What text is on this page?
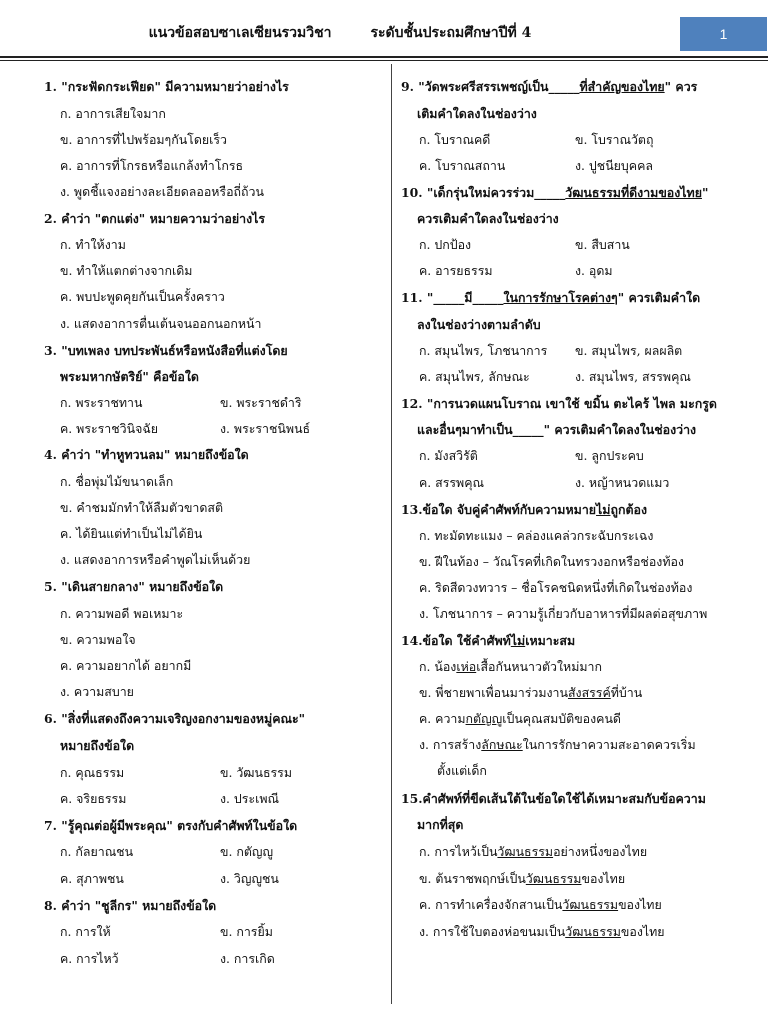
แนวข้อสอบซาเลเซียนรวมวิชา        ระดับชั้นประถมศึกษาปีที่ 4	1
1. "กระฟัดกระเฟียด" มีความหมายว่าอย่างไร
ก. อาการเสียใจมาก
ข. อาการที่ไปพร้อมๆกันโดยเร็ว
ค. อาการที่โกรธหรือแกล้งทำโกรธ
ง. พูดชี้แจงอย่างละเอียดลออหรือถี่ถ้วน
2. คำว่า "ตกแต่ง" หมายความว่าอย่างไร
ก. ทำให้งาม
ข. ทำให้แตกต่างจากเดิม
ค. พบปะพูดคุยกันเป็นครั้งคราว
ง. แสดงอาการตื่นเต้นจนออกนอกหน้า
3. "บทเพลง บทประพันธ์หรือหนังสือที่แต่งโดย
พระมหากษัตริย์" คือข้อใด
ก. พระราชทาน	ข. พระราชดำริ
ค. พระราชวินิจฉัย	ง. พระราชนิพนธ์
4. คำว่า "ทำหูทวนลม" หมายถึงข้อใด
ก. ชื่อพุ่มไม้ขนาดเล็ก
ข. คำชมมักทำให้ลืมตัวขาดสติ
ค. ได้ยินแต่ทำเป็นไม่ได้ยิน
ง. แสดงอาการหรือคำพูดไม่เห็นด้วย
5. "เดินสายกลาง" หมายถึงข้อใด
ก. ความพอดี พอเหมาะ
ข. ความพอใจ
ค. ความอยากได้ อยากมี
ง. ความสบาย
6. "สิ่งที่แสดงถึงความเจริญงอกงามของหมู่คณะ"
หมายถึงข้อใด
ก. คุณธรรม	ข. วัฒนธรรม
ค. จริยธรรม	ง. ประเพณี
7. "รู้คุณต่อผู้มีพระคุณ" ตรงกับคำศัพท์ในข้อใด
ก. กัลยาณชน	ข. กตัญญู
ค. สุภาพชน	ง. วิญญูชน
8. คำว่า "ชูลีกร" หมายถึงข้อใด
ก. การให้	ข. การยิ้ม
ค. การไหว้	ง. การเกิด
9. "วัดพระศรีสรรเพชญ์เป็น_____ที่สำคัญของไทย" ควร
เติมคำใดลงในช่องว่าง
ก. โบราณคดี	ข. โบราณวัตถุ
ค. โบราณสถาน	ง. ปูชนียบุคคล
10. "เด็กรุ่นใหม่ควรร่วม_____วัฒนธรรมที่ดีงามของไทย"
ควรเติมคำใดลงในช่องว่าง
ก. ปกป้อง	ข. สืบสาน
ค. อารยธรรม	ง. อุดม
11. "_____มี_____ในการรักษาโรคต่างๆ" ควรเติมคำใด
ลงในช่องว่างตามลำดับ
ก. สมุนไพร, โภชนาการ ข. สมุนไพร, ผลผลิต
ค. สมุนไพร, ลักษณะ	ง. สมุนไพร, สรรพคุณ
12. "การนวดแผนโบราณ เขาใช้ ขมิ้น ตะไคร้ ไพล มะกรูด
และอื่นๆมาทำเป็น_____" ควรเติมคำใดลงในช่องว่าง
ก. มังสวิรัติ	ข. ลูกประคบ
ค. สรรพคุณ	ง. หญ้าหนวดแมว
13.ข้อใด จับคู่คำศัพท์กับความหมายไม่ถูกต้อง
ก. ทะมัดทะแมง – คล่องแคล่วกระฉับกระเฉง
ข. ฝีในท้อง – วัณโรคที่เกิดในทรวงอกหรือช่องท้อง
ค. ริดสีดวงทวาร – ชื่อโรคชนิดหนึ่งที่เกิดในช่องท้อง
ง. โภชนาการ – ความรู้เกี่ยวกับอาหารที่มีผลต่อสุขภาพ
14.ข้อใด ใช้คำศัพท์ไม่เหมาะสม
ก. น้องเห่อเสื้อกันหนาวตัวใหม่มาก
ข. พี่ชายพาเพื่อนมาร่วมงานสังสรรค์ที่บ้าน
ค. ความกตัญญูเป็นคุณสมบัติของคนดี
ง. การสร้างลักษณะในการรักษาความสะอาดควรเริ่ม
ตั้งแต่เด็ก
15.คำศัพท์ที่ขีดเส้นใต้ในข้อใดใช้ได้เหมาะสมกับข้อความ
มากที่สุด
ก. การไหว้เป็นวัฒนธรรมอย่างหนึ่งของไทย
ข. ต้นราชพฤกษ์เป็นวัฒนธรรมของไทย
ค. การทำเครื่องจักสานเป็นวัฒนธรรมของไทย
ง. การใช้ใบตองห่อขนมเป็นวัฒนธรรมของไทย
